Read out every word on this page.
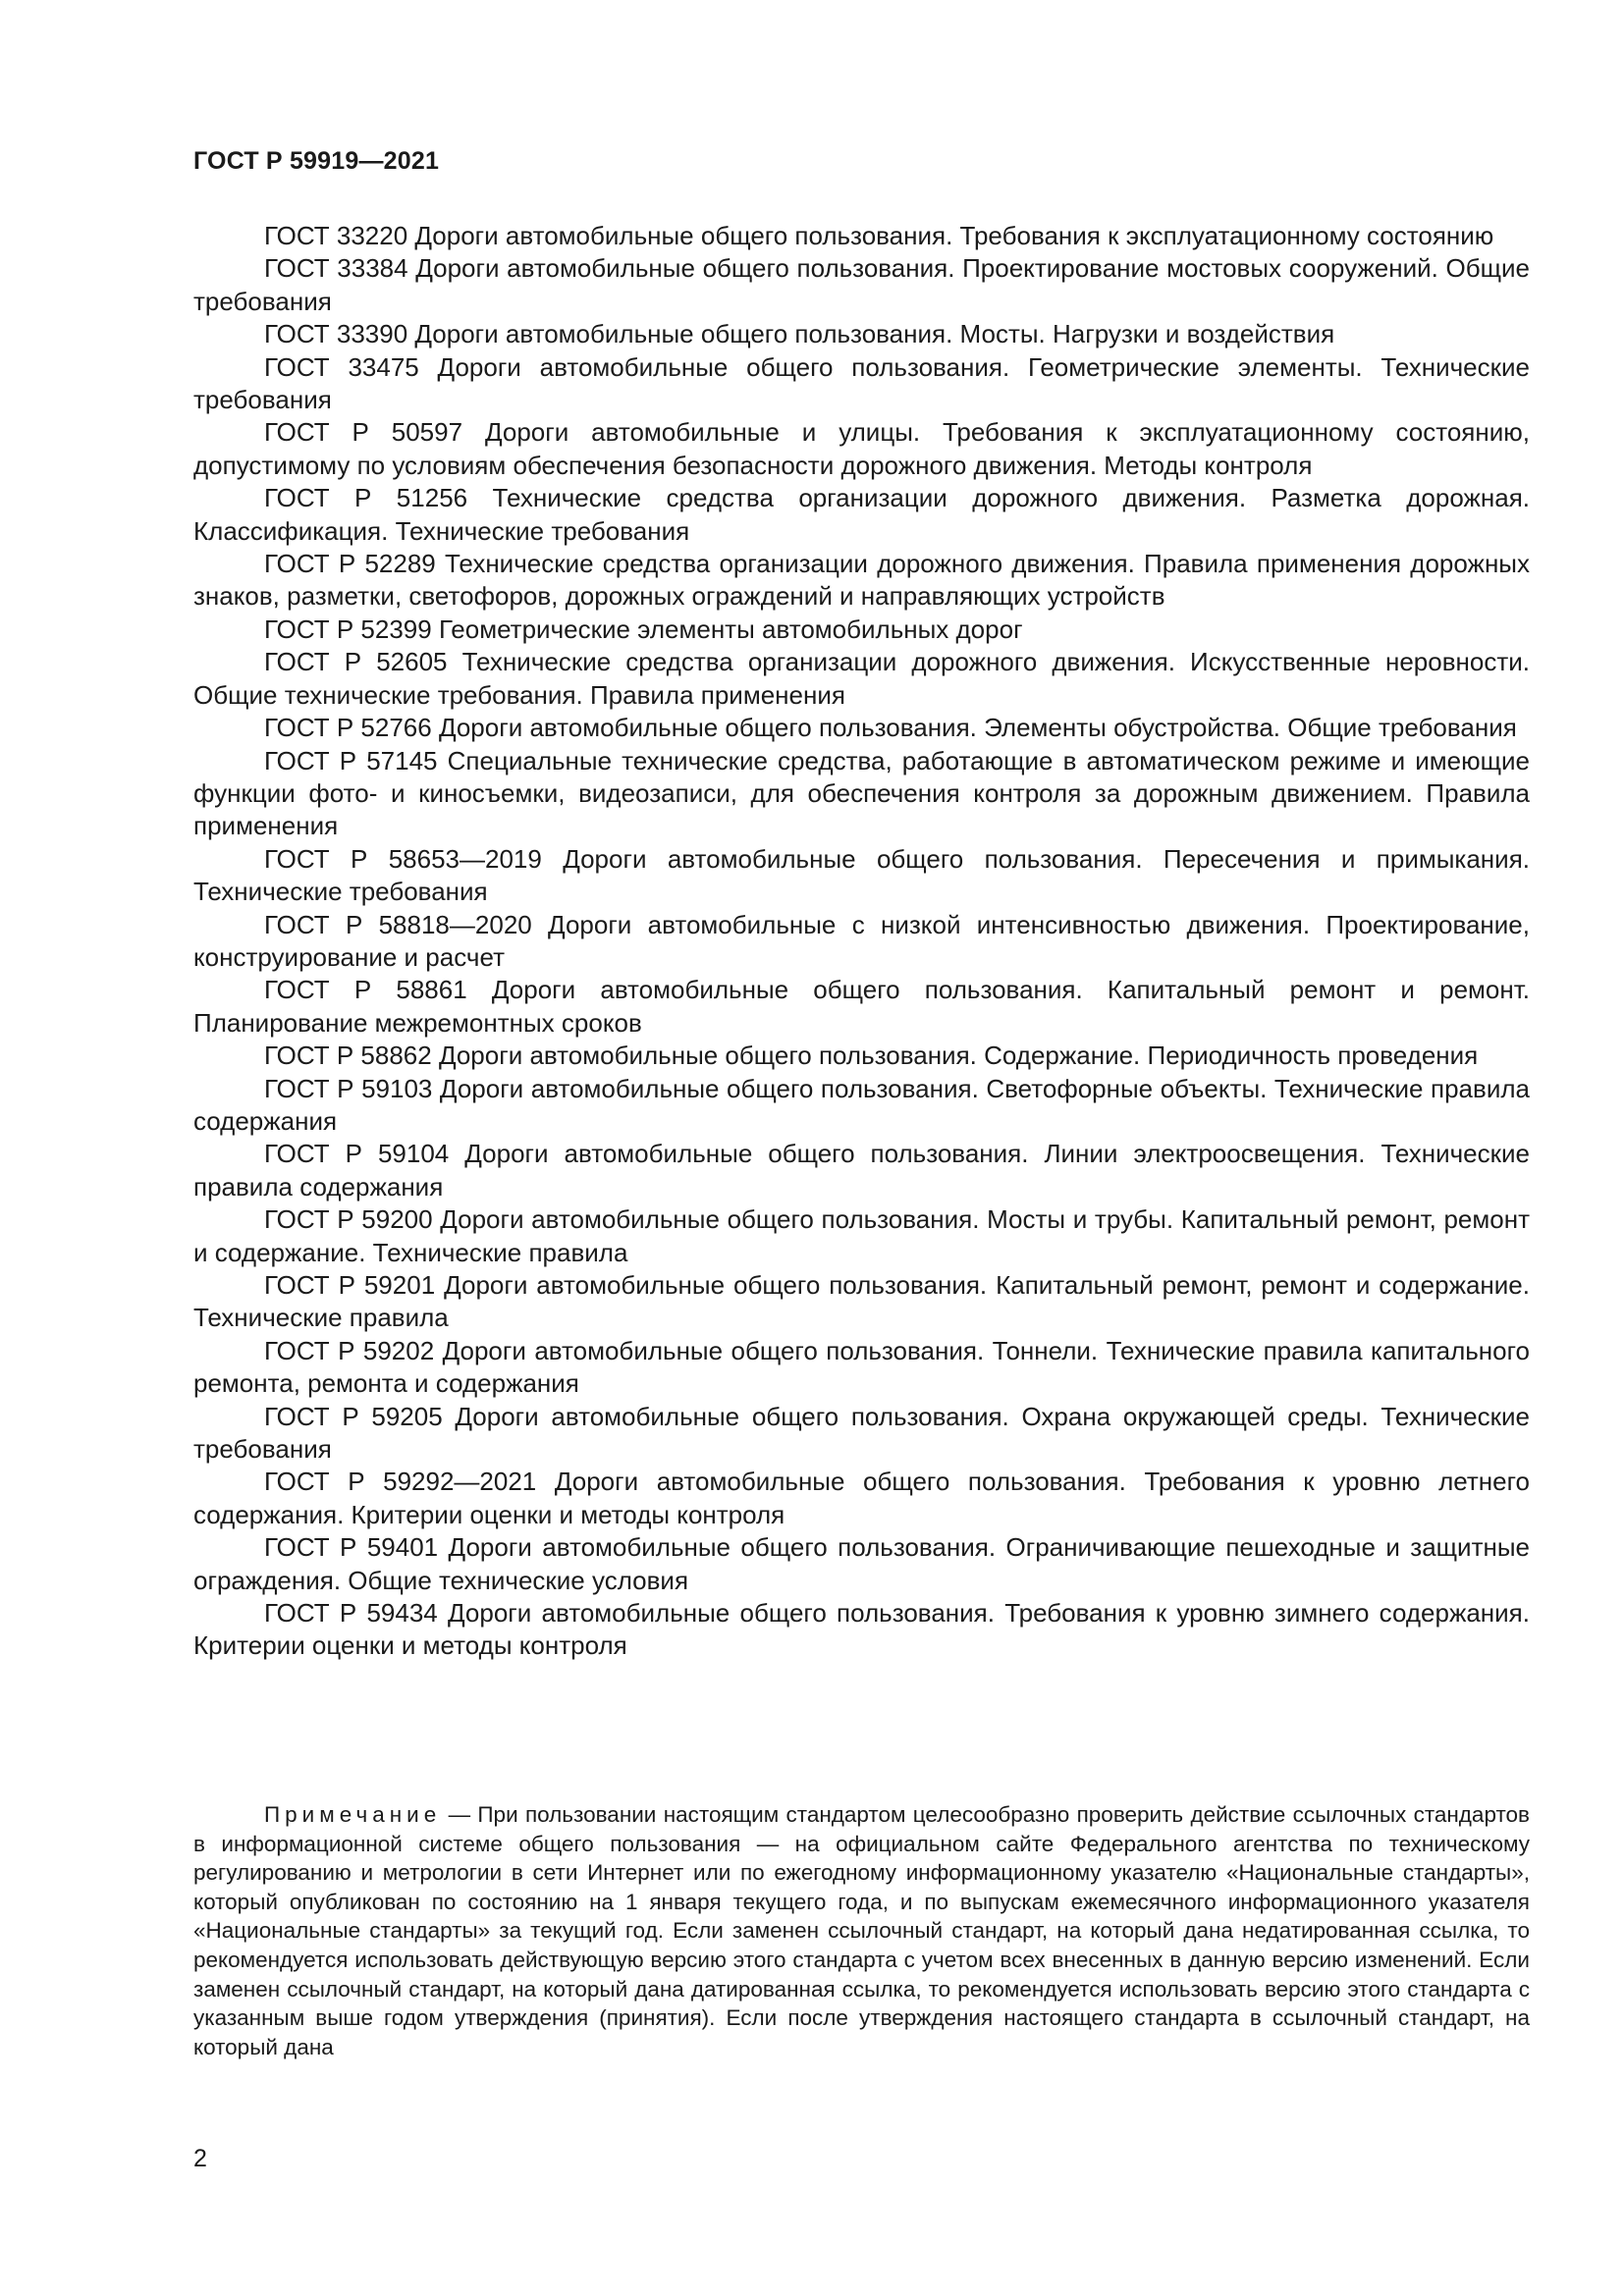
ГОСТ Р 59919—2021

ГОСТ 33220 Дороги автомобильные общего пользования. Требования к эксплуатационному состоянию

ГОСТ 33384 Дороги автомобильные общего пользования. Проектирование мостовых сооружений. Общие требования

ГОСТ 33390 Дороги автомобильные общего пользования. Мосты. Нагрузки и воздействия

ГОСТ 33475 Дороги автомобильные общего пользования. Геометрические элементы. Технические требования

ГОСТ Р 50597 Дороги автомобильные и улицы. Требования к эксплуатационному состоянию, допустимому по условиям обеспечения безопасности дорожного движения. Методы контроля

ГОСТ Р 51256 Технические средства организации дорожного движения. Разметка дорожная. Классификация. Технические требования

ГОСТ Р 52289 Технические средства организации дорожного движения. Правила применения дорожных знаков, разметки, светофоров, дорожных ограждений и направляющих устройств

ГОСТ Р 52399 Геометрические элементы автомобильных дорог

ГОСТ Р 52605 Технические средства организации дорожного движения. Искусственные неровности. Общие технические требования. Правила применения

ГОСТ Р 52766 Дороги автомобильные общего пользования. Элементы обустройства. Общие требования

ГОСТ Р 57145 Специальные технические средства, работающие в автоматическом режиме и имеющие функции фото- и киносъемки, видеозаписи, для обеспечения контроля за дорожным движением. Правила применения

ГОСТ Р 58653—2019 Дороги автомобильные общего пользования. Пересечения и примыкания. Технические требования

ГОСТ Р 58818—2020 Дороги автомобильные с низкой интенсивностью движения. Проектирование, конструирование и расчет

ГОСТ Р 58861 Дороги автомобильные общего пользования. Капитальный ремонт и ремонт. Планирование межремонтных сроков

ГОСТ Р 58862 Дороги автомобильные общего пользования. Содержание. Периодичность проведения

ГОСТ Р 59103 Дороги автомобильные общего пользования. Светофорные объекты. Технические правила содержания

ГОСТ Р 59104 Дороги автомобильные общего пользования. Линии электроосвещения. Технические правила содержания

ГОСТ Р 59200 Дороги автомобильные общего пользования. Мосты и трубы. Капитальный ремонт, ремонт и содержание. Технические правила

ГОСТ Р 59201 Дороги автомобильные общего пользования. Капитальный ремонт, ремонт и содержание. Технические правила

ГОСТ Р 59202 Дороги автомобильные общего пользования. Тоннели. Технические правила капитального ремонта, ремонта и содержания

ГОСТ Р 59205 Дороги автомобильные общего пользования. Охрана окружающей среды. Технические требования

ГОСТ Р 59292—2021 Дороги автомобильные общего пользования. Требования к уровню летнего содержания. Критерии оценки и методы контроля

ГОСТ Р 59401 Дороги автомобильные общего пользования. Ограничивающие пешеходные и защитные ограждения. Общие технические условия

ГОСТ Р 59434 Дороги автомобильные общего пользования. Требования к уровню зимнего содержания. Критерии оценки и методы контроля

Примечание — При пользовании настоящим стандартом целесообразно проверить действие ссылочных стандартов в информационной системе общего пользования — на официальном сайте Федерального агентства по техническому регулированию и метрологии в сети Интернет или по ежегодному информационному указателю «Национальные стандарты», который опубликован по состоянию на 1 января текущего года, и по выпускам ежемесячного информационного указателя «Национальные стандарты» за текущий год. Если заменен ссылочный стандарт, на который дана недатированная ссылка, то рекомендуется использовать действующую версию этого стандарта с учетом всех внесенных в данную версию изменений. Если заменен ссылочный стандарт, на который дана датированная ссылка, то рекомендуется использовать версию этого стандарта с указанным выше годом утверждения (принятия). Если после утверждения настоящего стандарта в ссылочный стандарт, на который дана

2
